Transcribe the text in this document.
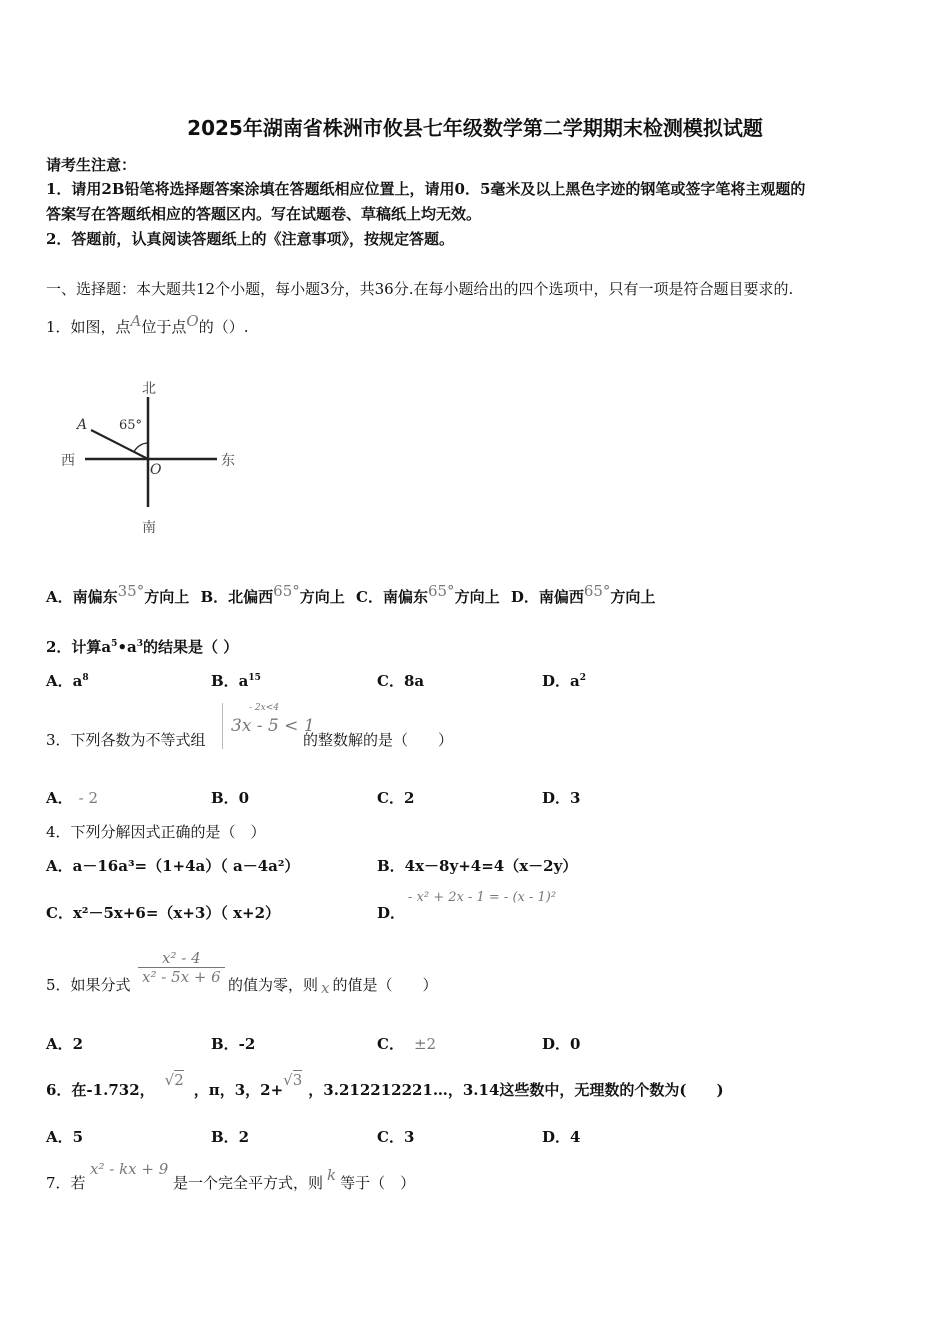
2025年湖南省株洲市攸县七年级数学第二学期期末检测模拟试题
请考生注意：
1．请用2B铅笔将选择题答案涂填在答题纸相应位置上，请用0．5毫米及以上黑色字迹的钢笔或签字笔将主观题的
答案写在答题纸相应的答题区内。写在试题卷、草稿纸上均无效。
2．答题前，认真阅读答题纸上的《注意事项》，按规定答题。
一、选择题：本大题共12个小题，每小题3分，共36分.在每小题给出的四个选项中，只有一项是符合题目要求的.
1．如图，点A位于点O的（）.
北
南
西	东
65°
A
O
A．南偏东35°方向上 B．北偏西65°方向上 C．南偏东65°方向上 D．南偏西65°方向上
2．计算$a^5•a^3$的结果是（ ）
A．$a^8$	B．$a^{15}$	C．8a	D．$a^2$
3．下列各数为不等式组
- 2x<4
3x - 5 < 1
的整数解的是（　　）
A． - 2	B．0	C．2	D．3
4．下列分解因式正确的是（　）
A．a－16a³=（1+4a）（ a－4a²）	B．4x－8y+4=4（x－2y）
C．x²－5x+6=（x+3）（ x+2）	D．
- x² + 2x - 1 = - (x - 1)²
5．如果分式 $\frac{\text{x² - 4}}{\text{x² - 5x + 6}}$ 的值为零，则 x 的值是（　　）
A．2	B．-2	C． ±2	D．0
6．在-1.732，√2，π，3，2+√3，3.212212221…，3.14这些数中，无理数的个数为(　　)
A．5	B．2	C．3	D．4
7．若
x² - kx + 9
是一个完全平方式，则 k 等于（　）
